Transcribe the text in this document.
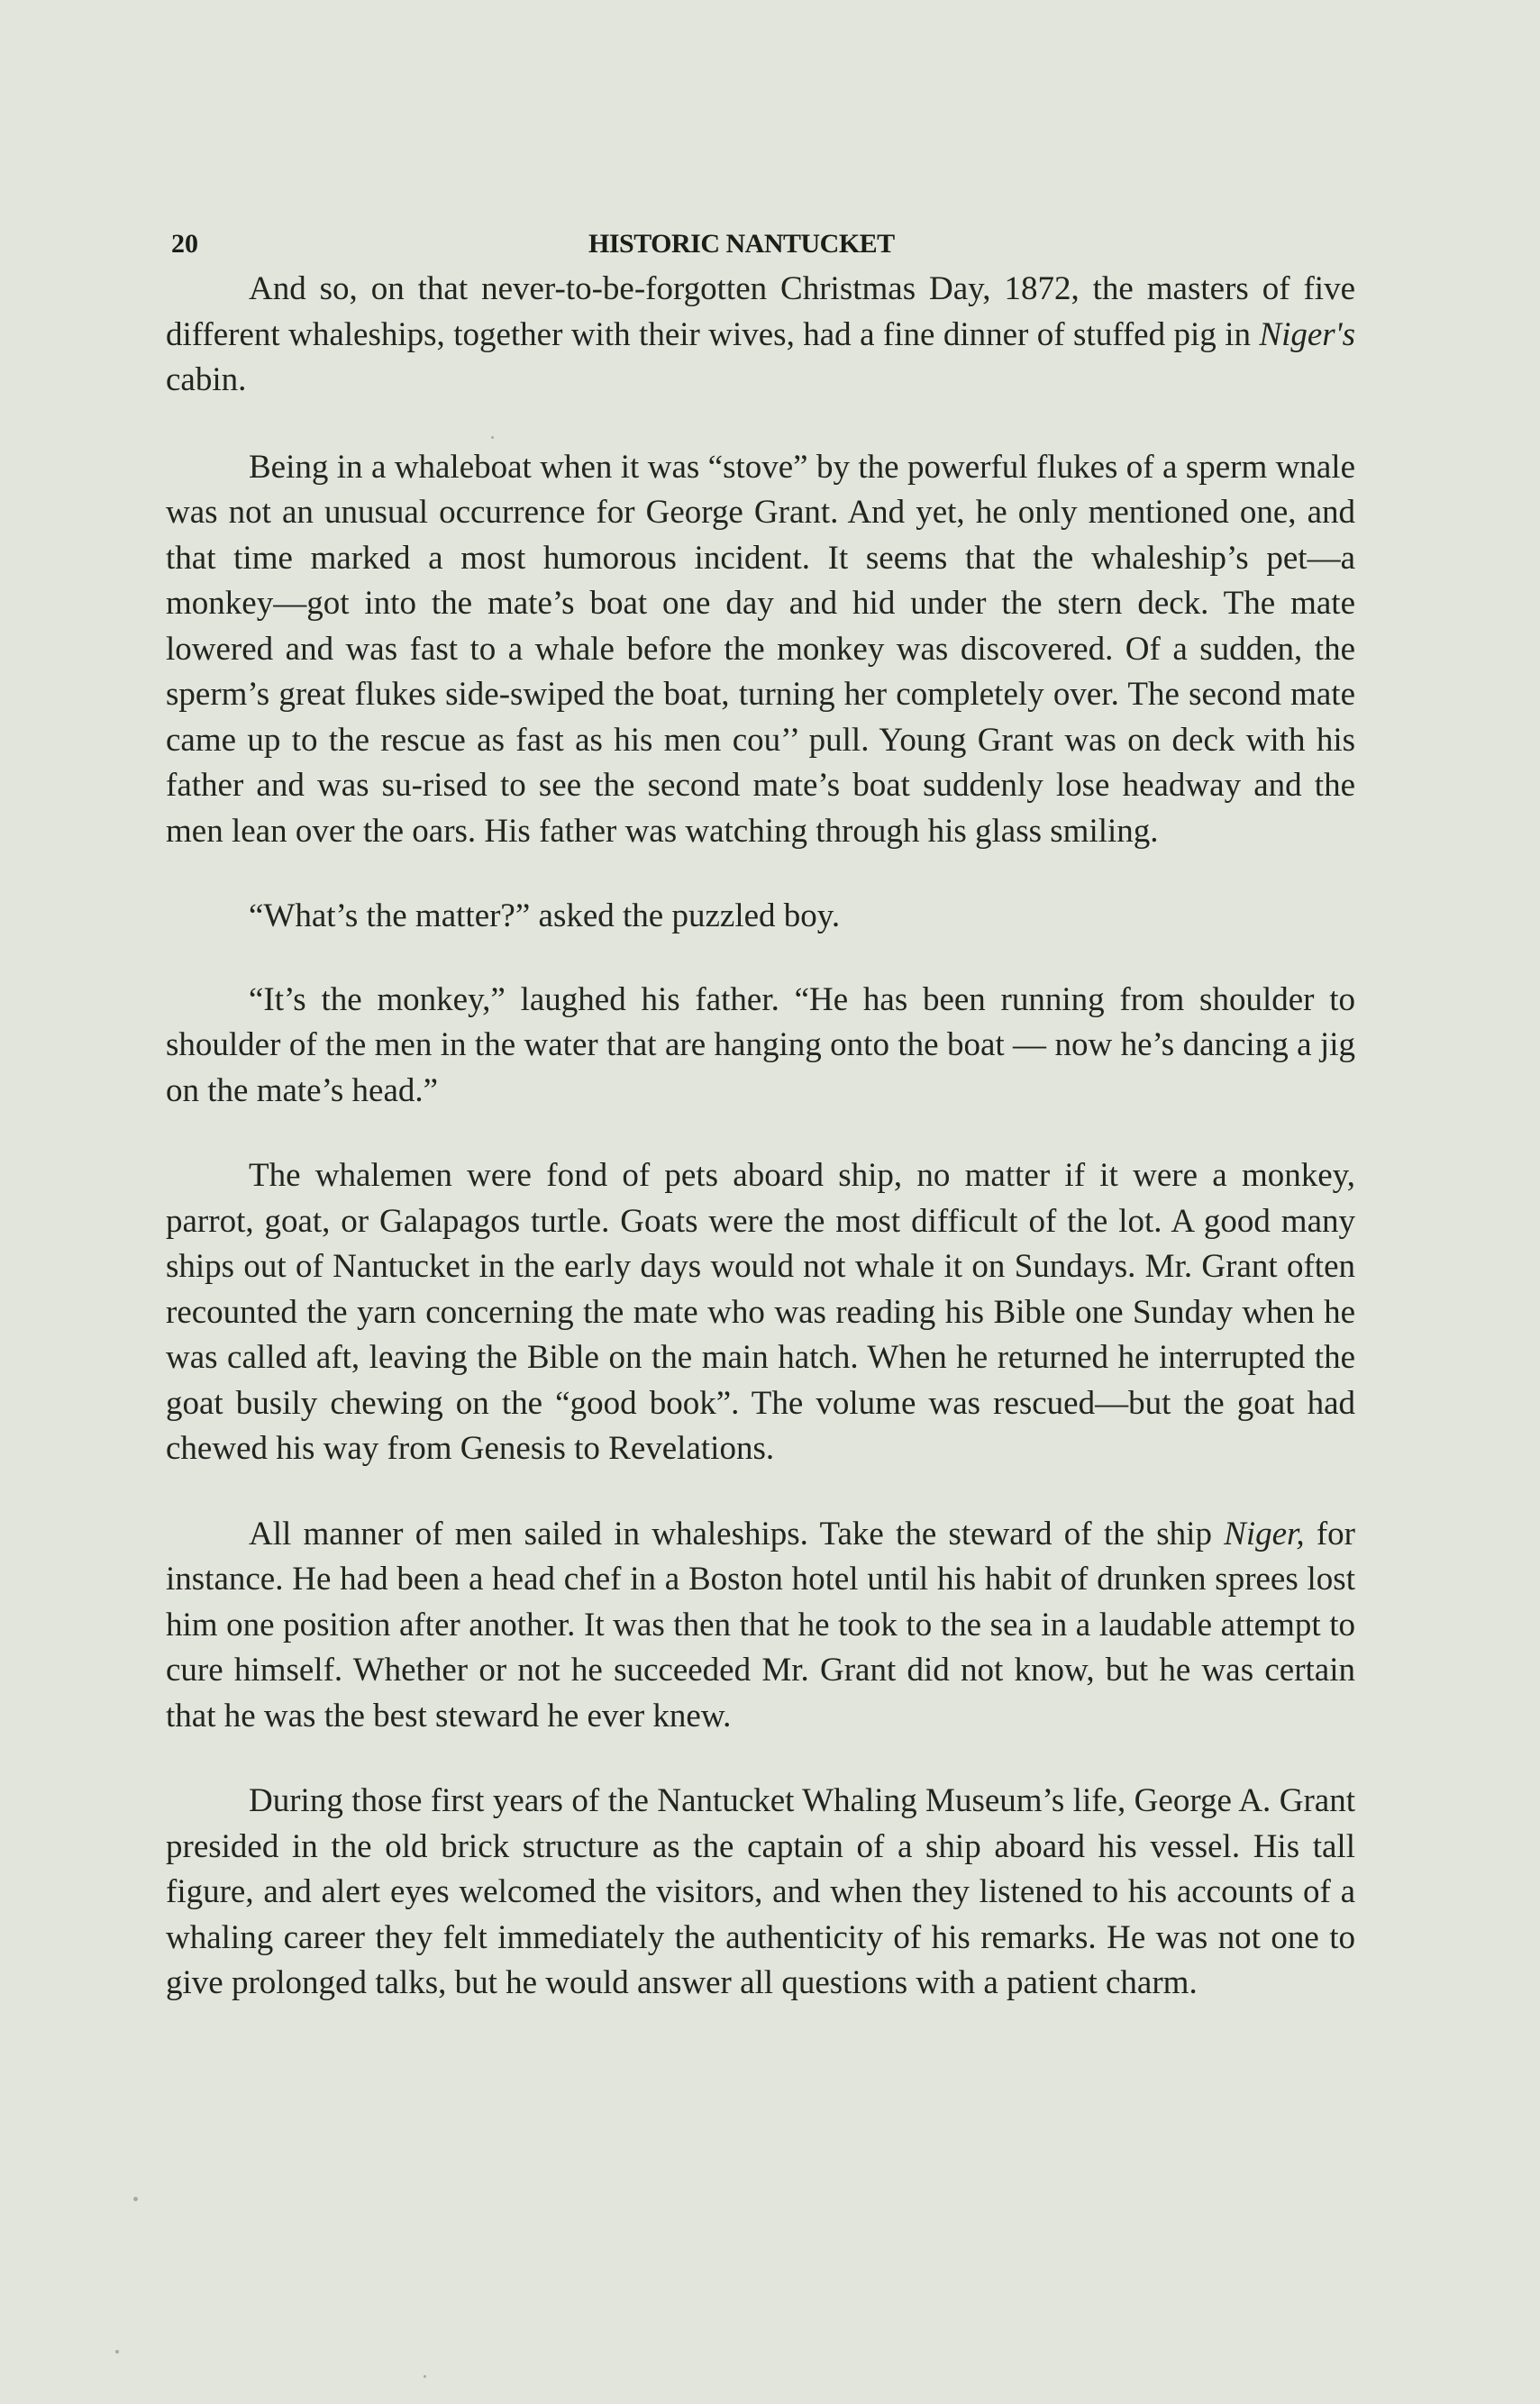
20	HISTORIC NANTUCKET

And so, on that never-to-be-forgotten Christmas Day, 1872, the masters of five different whaleships, together with their wives, had a fine dinner of stuffed pig in Niger's cabin.

Being in a whaleboat when it was “stove” by the powerful flukes of a sperm wnale was not an unusual occurrence for George Grant. And yet, he only mentioned one, and that time marked a most humorous incident. It seems that the whaleship’s pet—a monkey—got into the mate’s boat one day and hid under the stern deck. The mate lowered and was fast to a whale before the monkey was discovered. Of a sudden, the sperm’s great flukes side-swiped the boat, turning her completely over. The second mate came up to the rescue as fast as his men cou’’ pull. Young Grant was on deck with his father and was su-rised to see the second mate’s boat suddenly lose headway and the men lean over the oars. His father was watching through his glass smiling.

“What’s the matter?” asked the puzzled boy.

“It’s the monkey,” laughed his father. “He has been running from shoulder to shoulder of the men in the water that are hanging onto the boat — now he’s dancing a jig on the mate’s head.”

The whalemen were fond of pets aboard ship, no matter if it were a monkey, parrot, goat, or Galapagos turtle. Goats were the most difficult of the lot. A good many ships out of Nantucket in the early days would not whale it on Sundays. Mr. Grant often recounted the yarn concerning the mate who was reading his Bible one Sunday when he was called aft, leaving the Bible on the main hatch. When he returned he interrupted the goat busily chewing on the “good book”. The volume was rescued—but the goat had chewed his way from Genesis to Revelations.

All manner of men sailed in whaleships. Take the steward of the ship Niger, for instance. He had been a head chef in a Boston hotel until his habit of drunken sprees lost him one position after another. It was then that he took to the sea in a laudable attempt to cure himself. Whether or not he succeeded Mr. Grant did not know, but he was certain that he was the best steward he ever knew.

During those first years of the Nantucket Whaling Museum’s life, George A. Grant presided in the old brick structure as the captain of a ship aboard his vessel. His tall figure, and alert eyes welcomed the visitors, and when they listened to his accounts of a whaling career they felt immediately the authenticity of his remarks. He was not one to give prolonged talks, but he would answer all questions with a patient charm.
